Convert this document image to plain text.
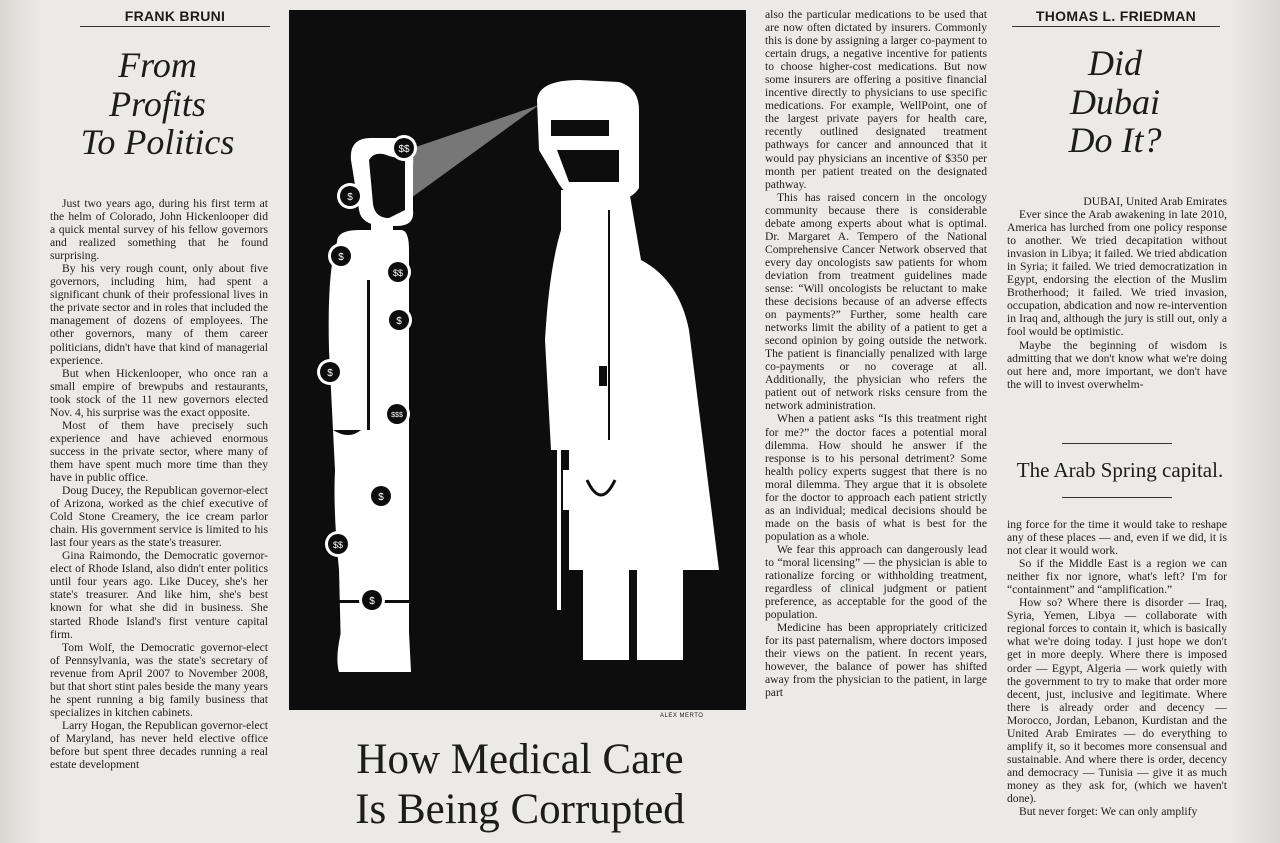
FRANK BRUNI
From
Profits
To Politics

Just two years ago, during his first term at the helm of Colorado, John Hickenlooper did a quick mental survey of his fellow governors and realized something that he found surprising.

By his very rough count, only about five governors, including him, had spent a significant chunk of their professional lives in the private sector and in roles that included the management of dozens of employees. The other governors, many of them career politicians, didn't have that kind of managerial experience.

But when Hickenlooper, who once ran a small empire of brewpubs and restaurants, took stock of the 11 new governors elected Nov. 4, his surprise was the exact opposite.

Most of them have precisely such experience and have achieved enormous success in the private sector, where many of them have spent much more time than they have in public office.

Doug Ducey, the Republican governor-elect of Arizona, worked as the chief executive of Cold Stone Creamery, the ice cream parlor chain. His government service is limited to his last four years as the state's treasurer.

Gina Raimondo, the Democratic governor-elect of Rhode Island, also didn't enter politics until four years ago. Like Ducey, she's her state's treasurer. And like him, she's best known for what she did in business. She started Rhode Island's first venture capital firm.

Tom Wolf, the Democratic governor-elect of Pennsylvania, was the state's secretary of revenue from April 2007 to November 2008, but that short stint pales beside the many years he spent running a big family business that specializes in kitchen cabinets.

Larry Hogan, the Republican governor-elect of Maryland, has never held elective office before but spent three decades running a real estate development

$$
$
$
$$
$
$
$$$
$
$$
$
ALEX MERTO
How Medical Care
Is Being Corrupted

also the particular medications to be used that are now often dictated by insurers. Commonly this is done by assigning a larger co-payment to certain drugs, a negative incentive for patients to choose higher-cost medications. But now some insurers are offering a positive financial incentive directly to physicians to use specific medications. For example, WellPoint, one of the largest private payers for health care, recently outlined designated treatment pathways for cancer and announced that it would pay physicians an incentive of $350 per month per patient treated on the designated pathway.

This has raised concern in the oncology community because there is considerable debate among experts about what is optimal. Dr. Margaret A. Tempero of the National Comprehensive Cancer Network observed that every day oncologists saw patients for whom deviation from treatment guidelines made sense: “Will oncologists be reluctant to make these decisions because of an adverse effects on payments?” Further, some health care networks limit the ability of a patient to get a second opinion by going outside the network. The patient is financially penalized with large co-payments or no coverage at all. Additionally, the physician who refers the patient out of network risks censure from the network administration.

When a patient asks “Is this treatment right for me?” the doctor faces a potential moral dilemma. How should he answer if the response is to his personal detriment? Some health policy experts suggest that there is no moral dilemma. They argue that it is obsolete for the doctor to approach each patient strictly as an individual; medical decisions should be made on the basis of what is best for the population as a whole.

We fear this approach can dangerously lead to “moral licensing” — the physician is able to rationalize forcing or withholding treatment, regardless of clinical judgment or patient preference, as acceptable for the good of the population.

Medicine has been appropriately criticized for its past paternalism, where doctors imposed their views on the patient. In recent years, however, the balance of power has shifted away from the physician to the patient, in large part

THOMAS L. FRIEDMAN
Did
Dubai
Do It?

DUBAI, United Arab Emirates

Ever since the Arab awakening in late 2010, America has lurched from one policy response to another. We tried decapitation without invasion in Libya; it failed. We tried abdication in Syria; it failed. We tried democratization in Egypt, endorsing the election of the Muslim Brotherhood; it failed. We tried invasion, occupation, abdication and now re-intervention in Iraq and, although the jury is still out, only a fool would be optimistic.

Maybe the beginning of wisdom is admitting that we don't know what we're doing out here and, more important, we don't have the will to invest overwhelm-

The Arab Spring capital.

ing force for the time it would take to reshape any of these places — and, even if we did, it is not clear it would work.

So if the Middle East is a region we can neither fix nor ignore, what's left? I'm for “containment” and “amplification.”

How so? Where there is disorder — Iraq, Syria, Yemen, Libya — collaborate with regional forces to contain it, which is basically what we're doing today. I just hope we don't get in more deeply. Where there is imposed order — Egypt, Algeria — work quietly with the government to try to make that order more decent, just, inclusive and legitimate. Where there is already order and decency — Morocco, Jordan, Lebanon, Kurdistan and the United Arab Emirates — do everything to amplify it, so it becomes more consensual and sustainable. And where there is order, decency and democracy — Tunisia — give it as much money as they ask for, (which we haven't done).

But never forget: We can only amplify
